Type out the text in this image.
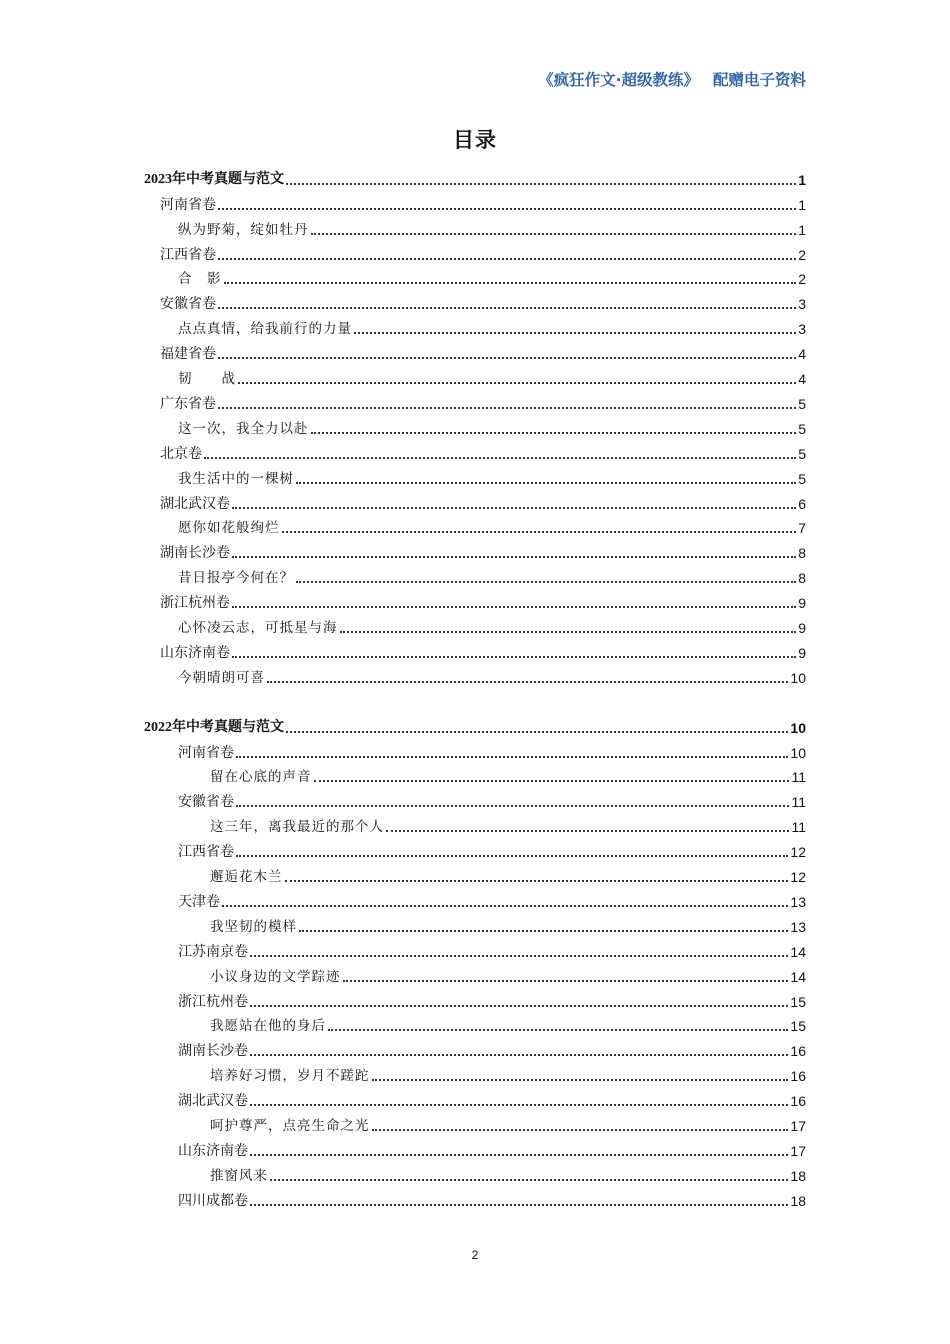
《疯狂作文·超级教练》 配赠电子资料
目录
2023年中考真题与范文	1
河南省卷	1
纵为野菊，绽如牡丹	1
江西省卷	2
合　影	2
安徽省卷	3
点点真情，给我前行的力量	3
福建省卷	4
韧　　战	4
广东省卷	5
这一次，我全力以赴	5
北京卷	5
我生活中的一棵树	5
湖北武汉卷	6
愿你如花般绚烂	7
湖南长沙卷	8
昔日报亭今何在？	8
浙江杭州卷	9
心怀凌云志，可抵星与海	9
山东济南卷	9
今朝晴朗可喜	10
2022年中考真题与范文	10
河南省卷	10
留在心底的声音	11
安徽省卷	11
这三年，离我最近的那个人	11
江西省卷	12
邂逅花木兰	12
天津卷	13
我坚韧的模样	13
江苏南京卷	14
小议身边的文学踪迹	14
浙江杭州卷	15
我愿站在他的身后	15
湖南长沙卷	16
培养好习惯，岁月不蹉跎	16
湖北武汉卷	16
呵护尊严，点亮生命之光	17
山东济南卷	17
推窗风来	18
四川成都卷	18
2
